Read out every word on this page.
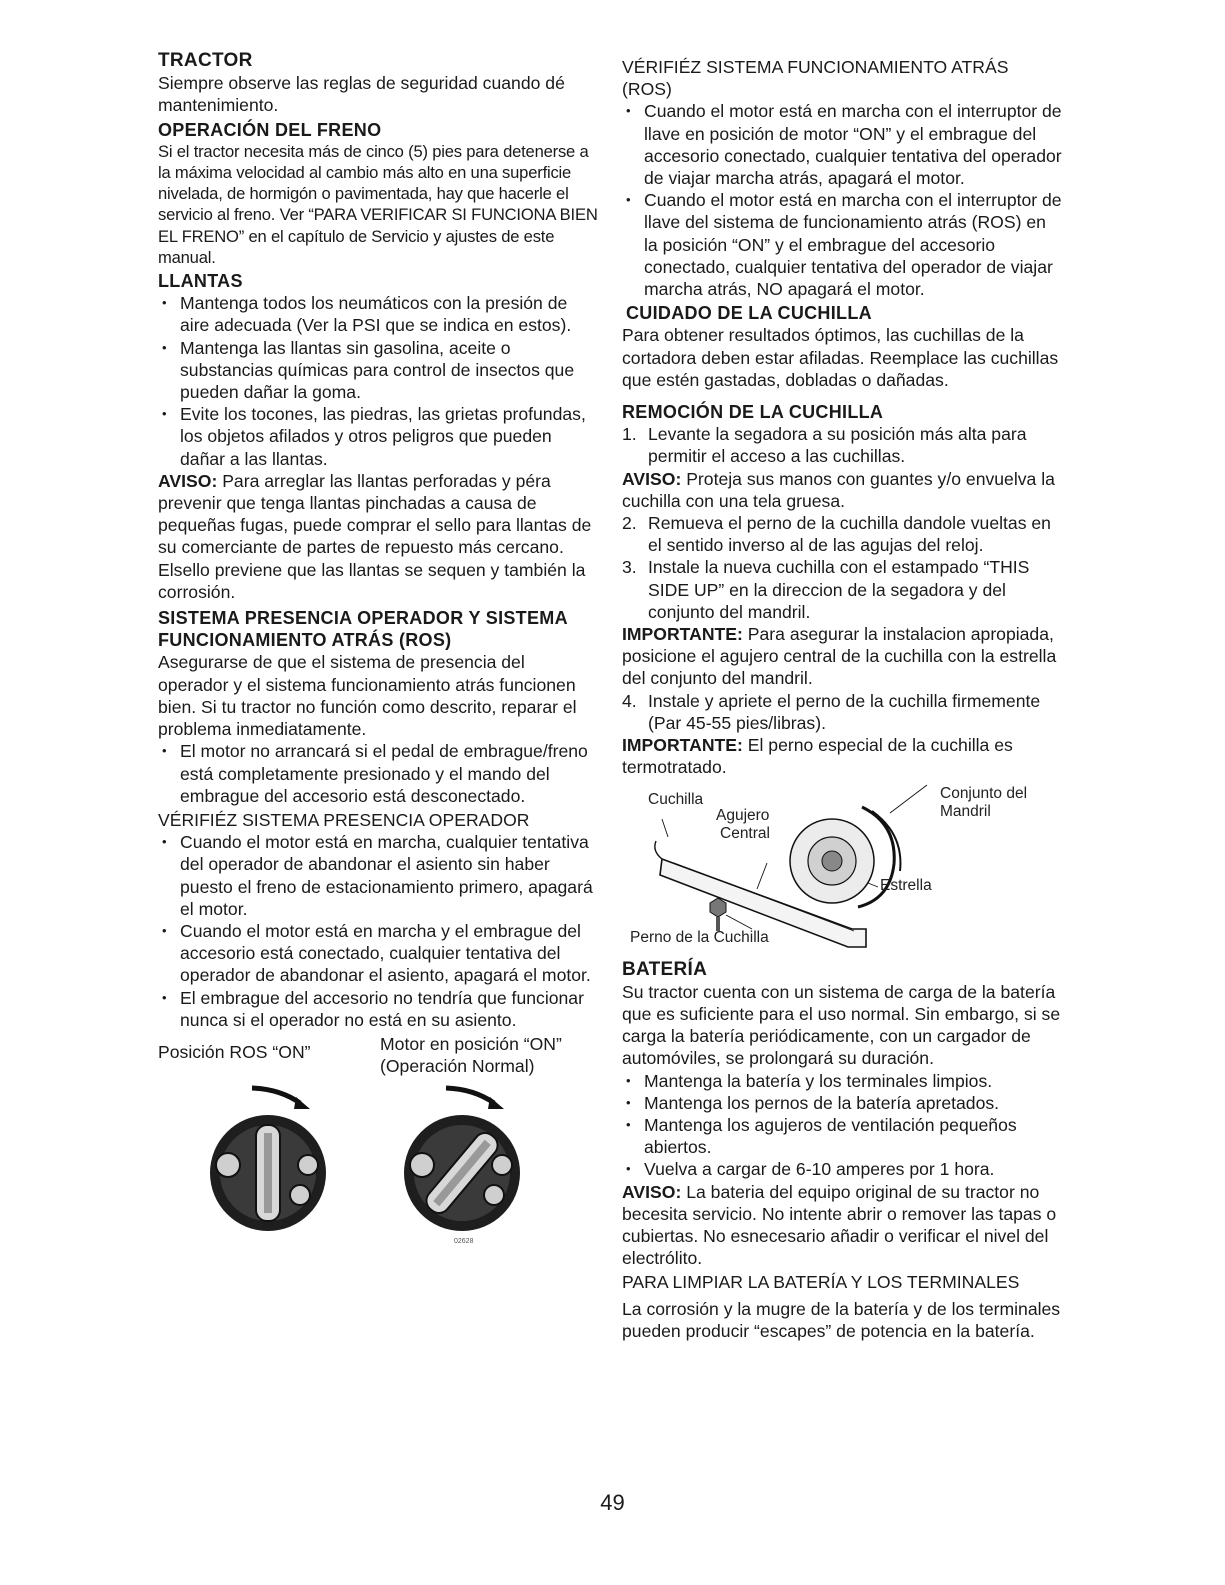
TRACTOR

Siempre observe las reglas de seguridad cuando dé mantenimiento.

OPERACIÓN DEL FRENO

Si el tractor necesita más de cinco (5) pies para detenerse a la máxima velocidad al cambio más alto en una superficie nivelada, de hormigón o pavimentada, hay que hacerle el servicio al freno. Ver “PARA VERIFICAR SI FUNCIONA BIEN EL FRENO” en el capítulo de Servicio y ajustes de este manual.

LLANTAS

• Mantenga todos los neumáticos con la presión de aire adecuada (Ver la PSI que se indica en estos).
• Mantenga las llantas sin gasolina, aceite o substancias químicas para control de insectos que pueden dañar la goma.
• Evite los tocones, las piedras, las grietas profundas, los objetos afilados y otros peligros que pueden dañar a las llantas.

AVISO: Para arreglar las llantas perforadas y péra prevenir que tenga llantas pinchadas a causa de pequeñas fugas, puede comprar el sello para llantas de su comerciante de partes de repuesto más cercano. Elsello previene que las llantas se sequen y también la corrosión.

SISTEMA PRESENCIA OPERADOR Y SISTEMA FUNCIONAMIENTO ATRÁS (ROS)

Asegurarse de que el sistema de presencia del operador y el sistema funcionamiento atrás funcionen bien. Si tu tractor no función como descrito, reparar el problema inmediatamente.

• El motor no arrancará si el pedal de embrague/freno está completamente presionado y el mando del embrague del accesorio está desconectado.

VÉRIFIÉZ SISTEMA PRESENCIA OPERADOR

• Cuando el motor está en marcha, cualquier tentativa del operador de abandonar el asiento sin haber puesto el freno de estacionamiento primero, apagará el motor.
• Cuando el motor está en marcha y el embrague del accesorio está conectado, cualquier tentativa del operador de abandonar el asiento, apagará el motor.
• El embrague del accesorio no tendría que funcionar nunca si el operador no está en su asiento.
Posición ROS “ON”	Motor en posición “ON”
(Operación Normal)
02628

VÉRIFIÉZ SISTEMA FUNCIONAMIENTO ATRÁS (ROS)

• Cuando el motor está en marcha con el interruptor de llave en posición de motor “ON” y el embrague del accesorio conectado, cualquier tentativa del operador de viajar marcha atrás, apagará el motor.
• Cuando el motor está en marcha con el interruptor de llave del sistema de funcionamiento atrás (ROS) en la posición “ON” y el embrague del accesorio conectado, cualquier tentativa del operador de viajar marcha atrás, NO apagará el motor.

CUIDADO DE LA CUCHILLA

Para obtener resultados óptimos, las cuchillas de la cortadora deben estar afiladas. Reemplace las cuchillas que estén gastadas, dobladas o dañadas.

REMOCIÓN DE LA CUCHILLA

1. Levante la segadora a su posición más alta para permitir el acceso a las cuchillas.

AVISO: Proteja sus manos con guantes y/o envuelva la cuchilla con una tela gruesa.

2. Remueva el perno de la cuchilla dandole vueltas en el sentido inverso al de las agujas del reloj.
3. Instale la nueva cuchilla con el estampado “THIS SIDE UP” en la direccion de la segadora y del conjunto del mandril.

IMPORTANTE: Para asegurar la instalacion apropiada, posicione el agujero central de la cuchilla con la estrella del conjunto del mandril.

4. Instale y apriete el perno de la cuchilla firmemente (Par 45-55 pies/libras).

IMPORTANTE: El perno especial de la cuchilla es termotratado.

Cuchilla
Agujero
Central
Conjunto del
Mandril
Estrella
Perno de la Cuchilla

BATERÍA

Su tractor cuenta con un sistema de carga de la batería que es suficiente para el uso normal. Sin embargo, si se carga la batería periódicamente, con un cargador de automóviles, se prolongará su duración.

• Mantenga la batería y los terminales limpios.
• Mantenga los pernos de la batería apretados.
• Mantenga los agujeros de ventilación pequeños abiertos.
• Vuelva a cargar de 6-10 amperes por 1 hora.

AVISO: La bateria del equipo original de su tractor no becesita servicio. No intente abrir o remover las tapas o cubiertas. No esnecesario añadir o verificar el nivel del electrólito.

PARA LIMPIAR LA BATERÍA Y LOS TERMINALES

La corrosión y la mugre de la batería y de los terminales pueden producir “escapes” de potencia en la batería.

49
